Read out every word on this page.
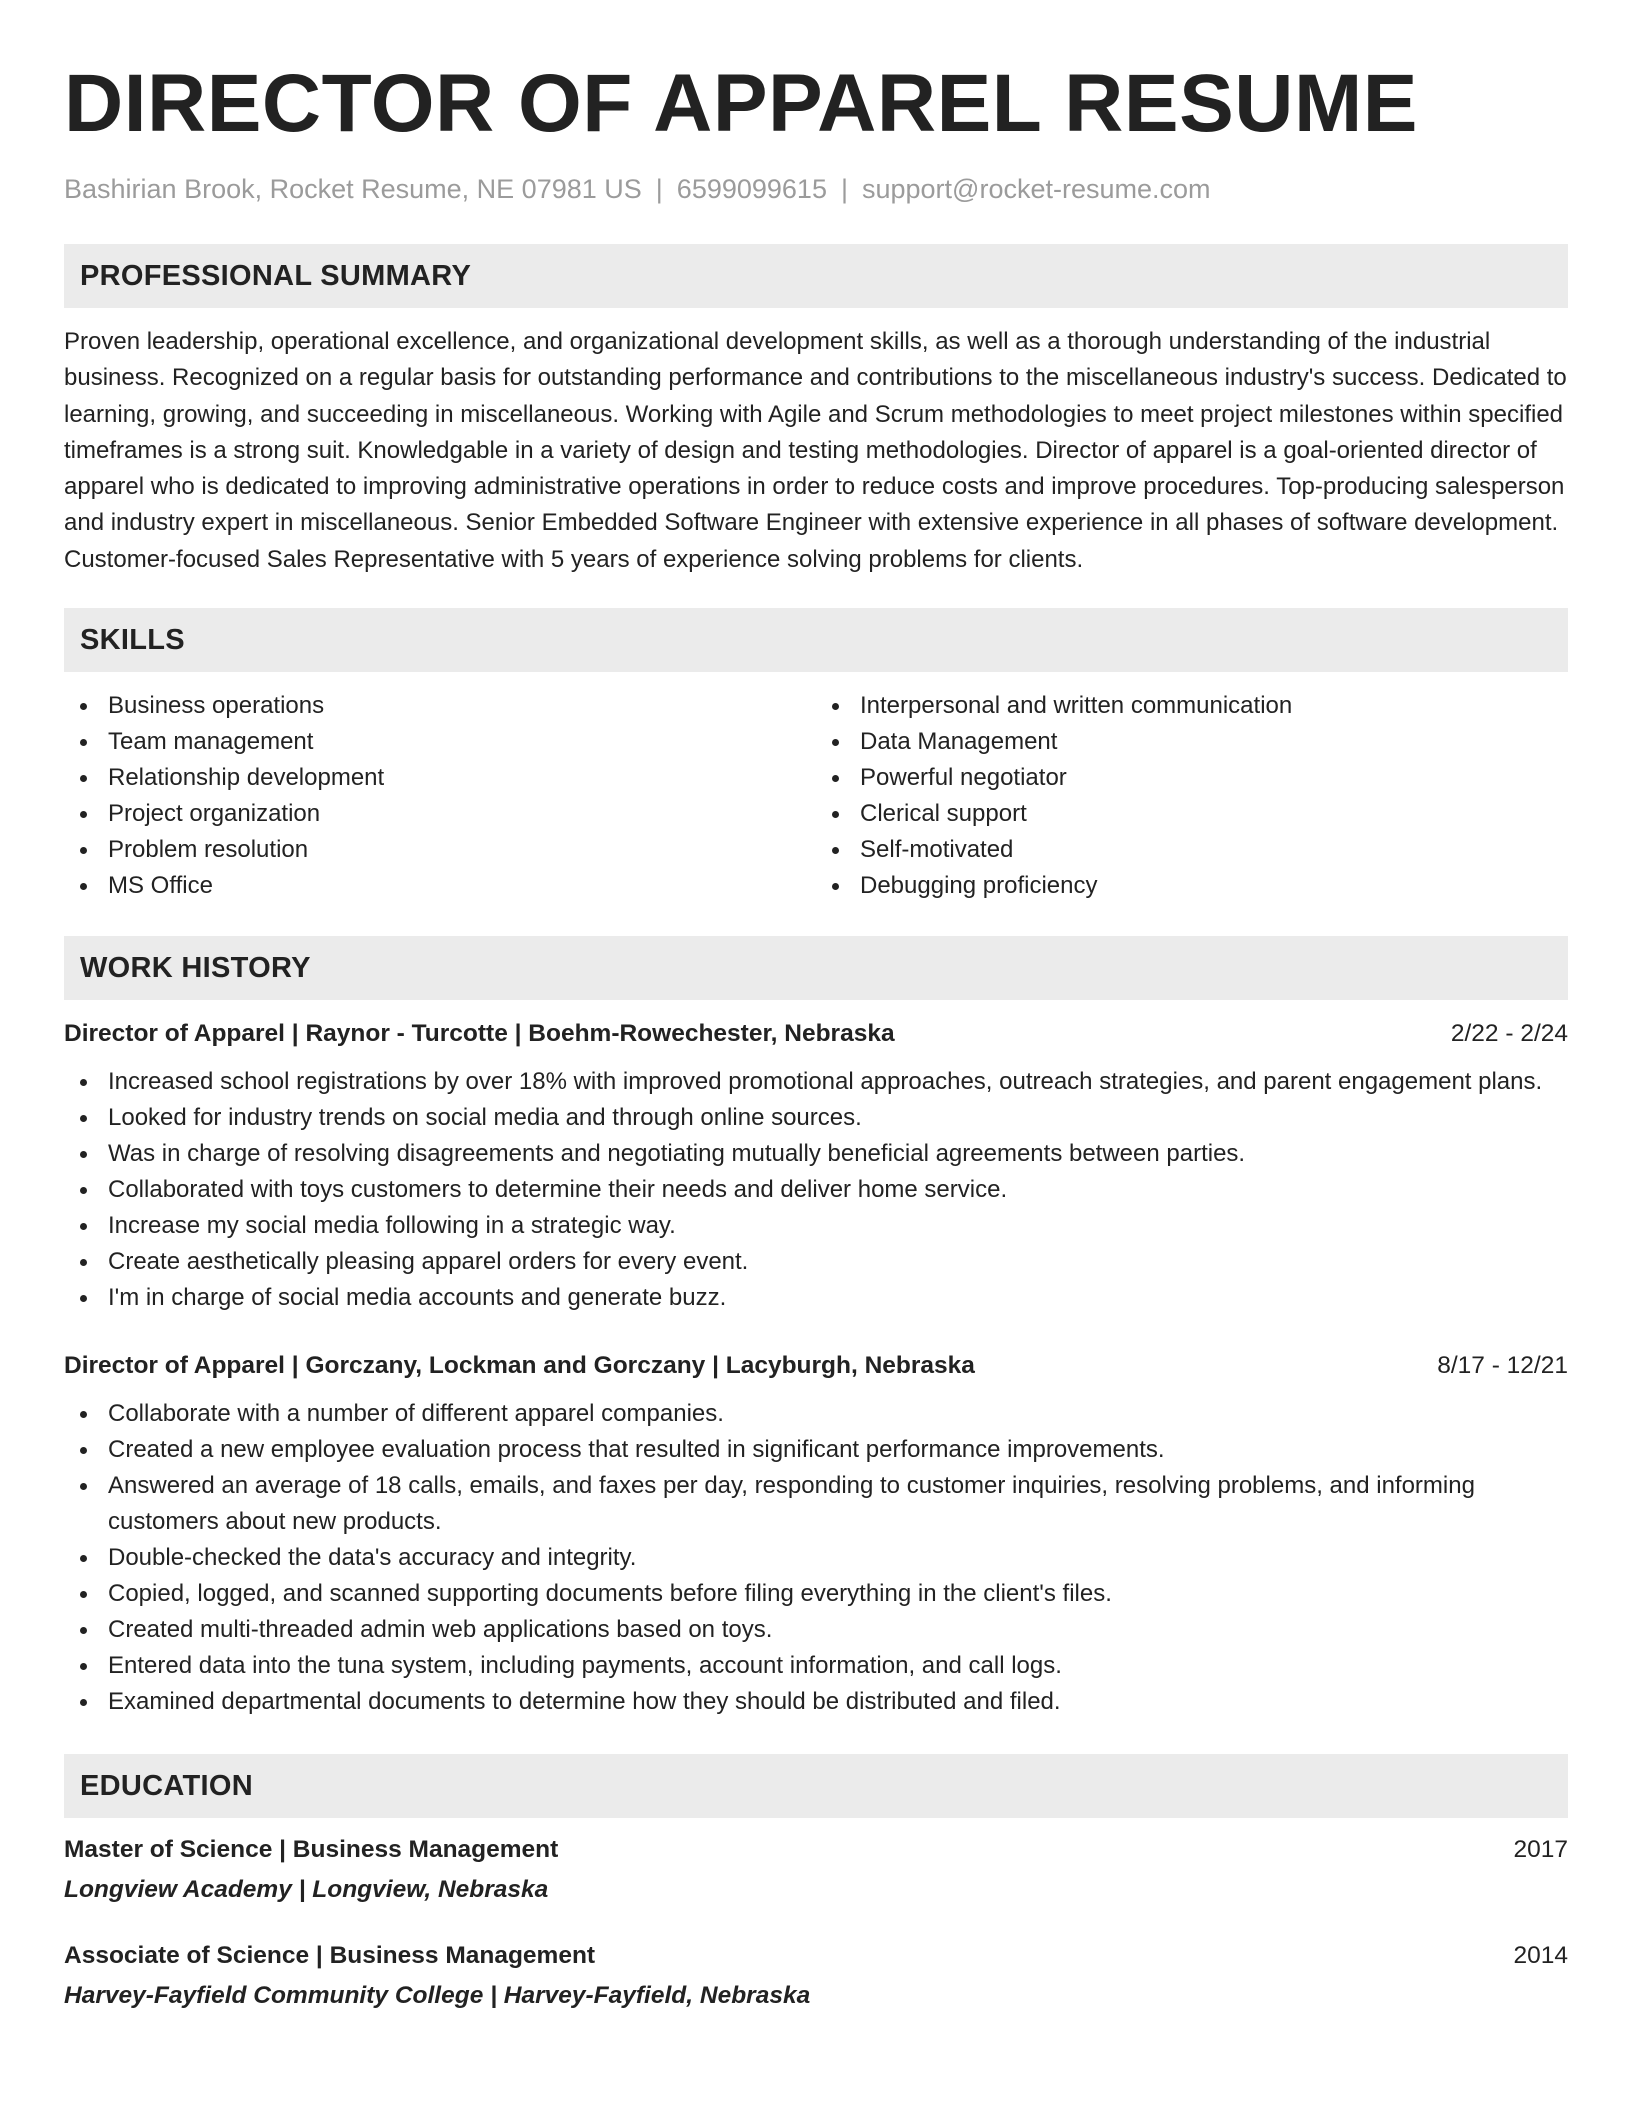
DIRECTOR OF APPAREL RESUME
Bashirian Brook, Rocket Resume, NE 07981 US | 6599099615 | support@rocket-resume.com
PROFESSIONAL SUMMARY

Proven leadership, operational excellence, and organizational development skills, as well as a thorough understanding of the industrial business. Recognized on a regular basis for outstanding performance and contributions to the miscellaneous industry's success. Dedicated to learning, growing, and succeeding in miscellaneous. Working with Agile and Scrum methodologies to meet project milestones within specified timeframes is a strong suit. Knowledgable in a variety of design and testing methodologies. Director of apparel is a goal-oriented director of apparel who is dedicated to improving administrative operations in order to reduce costs and improve procedures. Top-producing salesperson and industry expert in miscellaneous. Senior Embedded Software Engineer with extensive experience in all phases of software development. Customer-focused Sales Representative with 5 years of experience solving problems for clients.

SKILLS
Business operations
Team management
Relationship development
Project organization
Problem resolution
MS Office
Interpersonal and written communication
Data Management
Powerful negotiator
Clerical support
Self-motivated
Debugging proficiency
WORK HISTORY
Director of Apparel | Raynor - Turcotte | Boehm-Rowechester, Nebraska	2/22 - 2/24
Increased school registrations by over 18% with improved promotional approaches, outreach strategies, and parent engagement plans.
Looked for industry trends on social media and through online sources.
Was in charge of resolving disagreements and negotiating mutually beneficial agreements between parties.
Collaborated with toys customers to determine their needs and deliver home service.
Increase my social media following in a strategic way.
Create aesthetically pleasing apparel orders for every event.
I'm in charge of social media accounts and generate buzz.
Director of Apparel | Gorczany, Lockman and Gorczany | Lacyburgh, Nebraska	8/17 - 12/21
Collaborate with a number of different apparel companies.
Created a new employee evaluation process that resulted in significant performance improvements.
Answered an average of 18 calls, emails, and faxes per day, responding to customer inquiries, resolving problems, and informing customers about new products.
Double-checked the data's accuracy and integrity.
Copied, logged, and scanned supporting documents before filing everything in the client's files.
Created multi-threaded admin web applications based on toys.
Entered data into the tuna system, including payments, account information, and call logs.
Examined departmental documents to determine how they should be distributed and filed.
EDUCATION
Master of Science | Business Management	2017
Longview Academy | Longview, Nebraska
Associate of Science | Business Management	2014
Harvey-Fayfield Community College | Harvey-Fayfield, Nebraska
